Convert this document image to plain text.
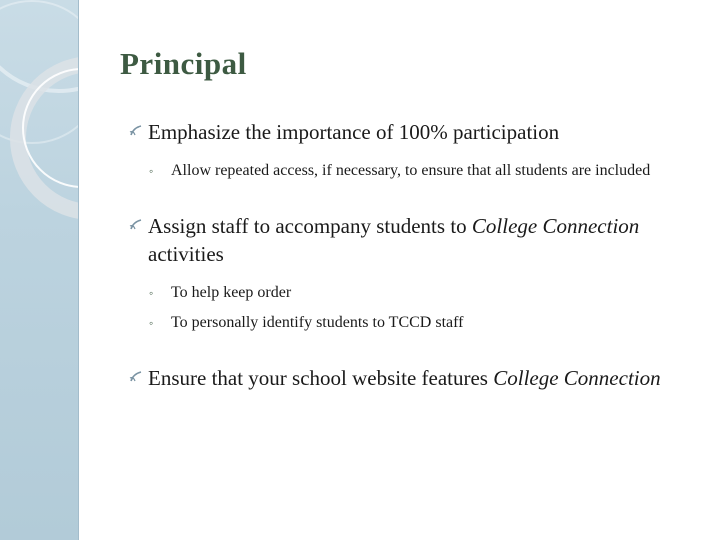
Principal
Emphasize the importance of 100% participation
◦ Allow repeated access, if necessary, to ensure that all students are included
Assign staff to accompany students to College Connection activities
◦ To help keep order
◦ To personally identify students to TCCD staff
Ensure that your school website features College Connection
